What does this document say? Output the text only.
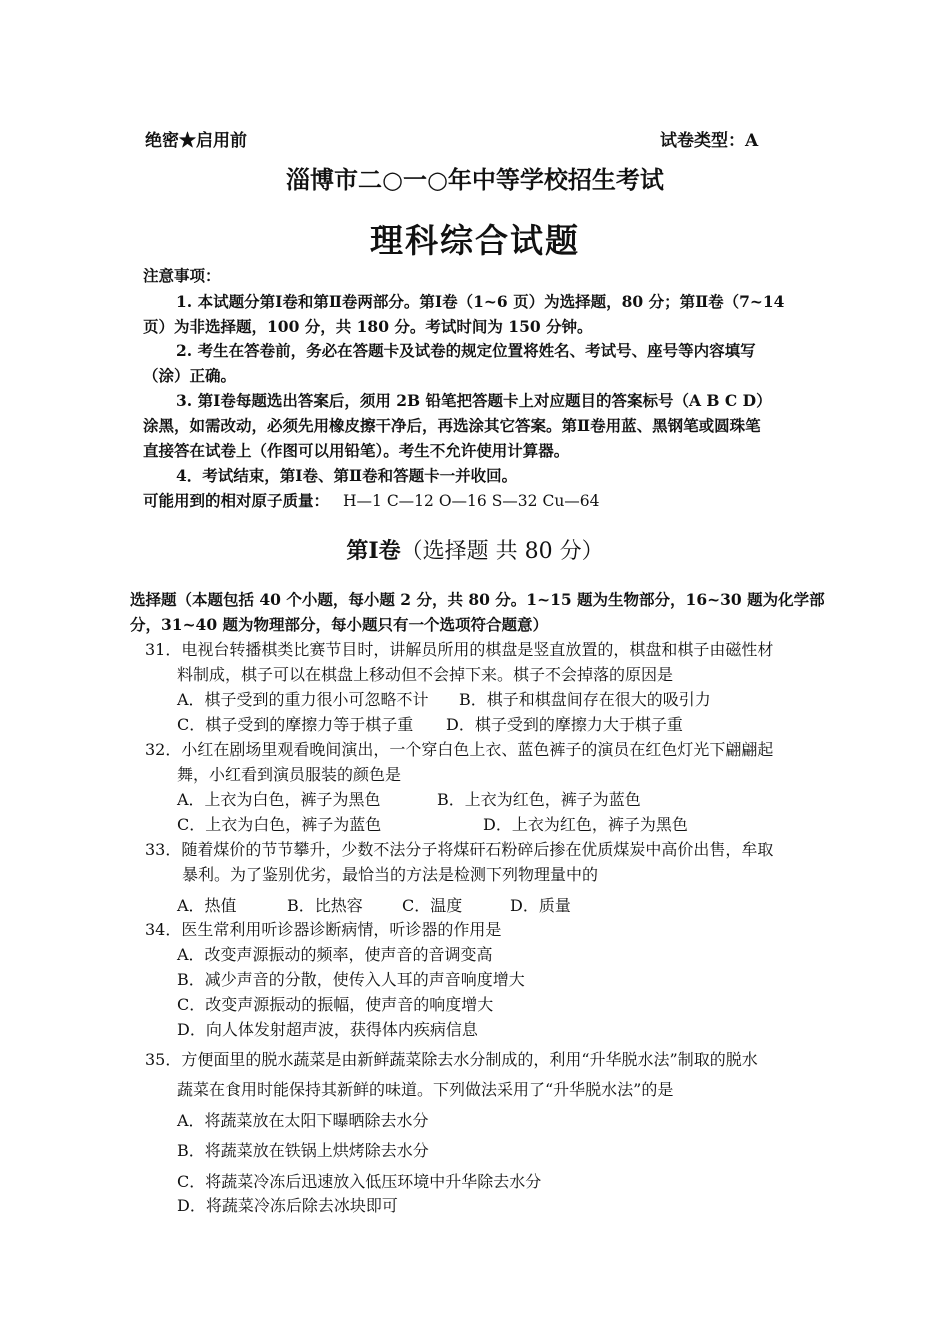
绝密★启用前	试卷类型：A
淄博市二○一○年中等学校招生考试
理科综合试题
注意事项：
1. 本试题分第Ⅰ卷和第Ⅱ卷两部分。第Ⅰ卷（1~6 页）为选择题，80 分；第Ⅱ卷（7~14
页）为非选择题，100 分，共 180 分。考试时间为 150 分钟。
2. 考生在答卷前，务必在答题卡及试卷的规定位置将姓名、考试号、座号等内容填写
（涂）正确。
3. 第Ⅰ卷每题选出答案后，须用 2B 铅笔把答题卡上对应题目的答案标号（A B C D）
涂黑，如需改动，必须先用橡皮擦干净后，再选涂其它答案。第Ⅱ卷用蓝、黑钢笔或圆珠笔
直接答在试卷上（作图可以用铅笔）。考生不允许使用计算器。
4．考试结束，第Ⅰ卷、第Ⅱ卷和答题卡一并收回。
可能用到的相对原子质量： H—1 C—12 O—16 S—32 Cu—64
第Ⅰ卷（选择题 共 80 分）
选择题（本题包括 40 个小题，每小题 2 分，共 80 分。1~15 题为生物部分，16~30 题为化学部
分，31~40 题为物理部分，每小题只有一个选项符合题意）
31．电视台转播棋类比赛节目时，讲解员所用的棋盘是竖直放置的，棋盘和棋子由磁性材
料制成，棋子可以在棋盘上移动但不会掉下来。棋子不会掉落的原因是
A．棋子受到的重力很小可忽略不计 B．棋子和棋盘间存在很大的吸引力
C．棋子受到的摩擦力等于棋子重 D．棋子受到的摩擦力大于棋子重
32．小红在剧场里观看晚间演出，一个穿白色上衣、蓝色裤子的演员在红色灯光下翩翩起
舞，小红看到演员服装的颜色是
A．上衣为白色，裤子为黑色	B．上衣为红色，裤子为蓝色
C．上衣为白色，裤子为蓝色	D．上衣为红色，裤子为黑色
33．随着煤价的节节攀升，少数不法分子将煤矸石粉碎后掺在优质煤炭中高价出售，牟取
暴利。为了鉴别优劣，最恰当的方法是检测下列物理量中的
A．热值	B．比热容 C．温度	D．质量
34．医生常利用听诊器诊断病情，听诊器的作用是
A．改变声源振动的频率，使声音的音调变高
B．减少声音的分散，使传入人耳的声音响度增大
C．改变声源振动的振幅，使声音的响度增大
D．向人体发射超声波，获得体内疾病信息
35．方便面里的脱水蔬菜是由新鲜蔬菜除去水分制成的，利用“升华脱水法”制取的脱水
蔬菜在食用时能保持其新鲜的味道。下列做法采用了“升华脱水法”的是
A．将蔬菜放在太阳下曝晒除去水分
B．将蔬菜放在铁锅上烘烤除去水分
C．将蔬菜冷冻后迅速放入低压环境中升华除去水分
D．将蔬菜冷冻后除去冰块即可
